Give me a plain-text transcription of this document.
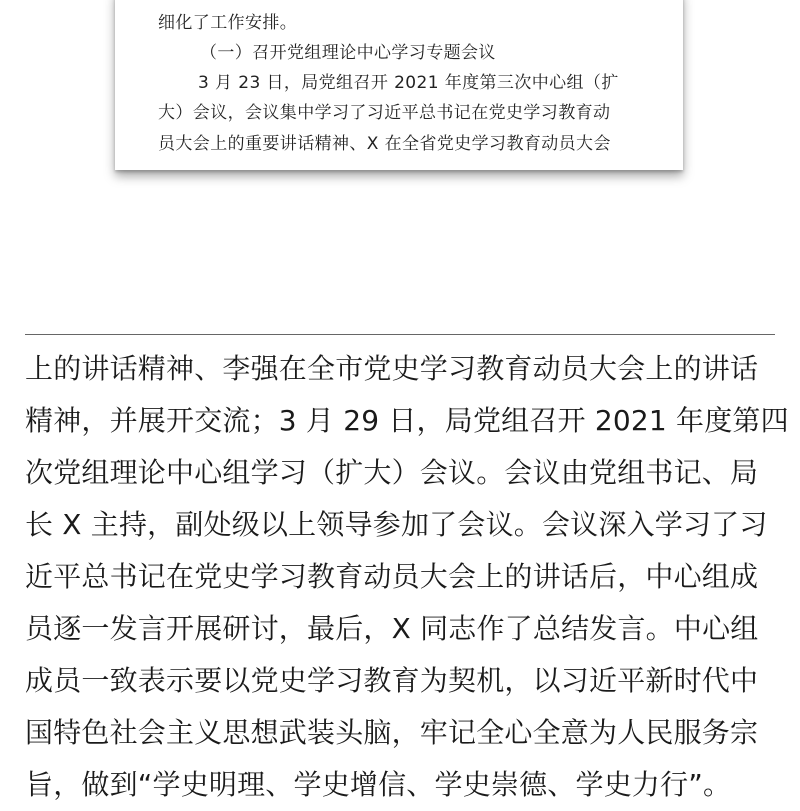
细化了工作安排。
（一）召开党组理论中心学习专题会议
3 月 23 日，局党组召开 2021 年度第三次中心组（扩
大）会议，会议集中学习了习近平总书记在党史学习教育动
员大会上的重要讲话精神、X 在全省党史学习教育动员大会
上的讲话精神、李强在全市党史学习教育动员大会上的讲话
精神，并展开交流；3 月 29 日，局党组召开 2021 年度第四
次党组理论中心组学习（扩大）会议。会议由党组书记、局
长 X 主持，副处级以上领导参加了会议。会议深入学习了习
近平总书记在党史学习教育动员大会上的讲话后，中心组成
员逐一发言开展研讨，最后，X 同志作了总结发言。中心组
成员一致表示要以党史学习教育为契机，以习近平新时代中
国特色社会主义思想武装头脑，牢记全心全意为人民服务宗
旨，做到“学史明理、学史增信、学史崇德、学史力行”。
